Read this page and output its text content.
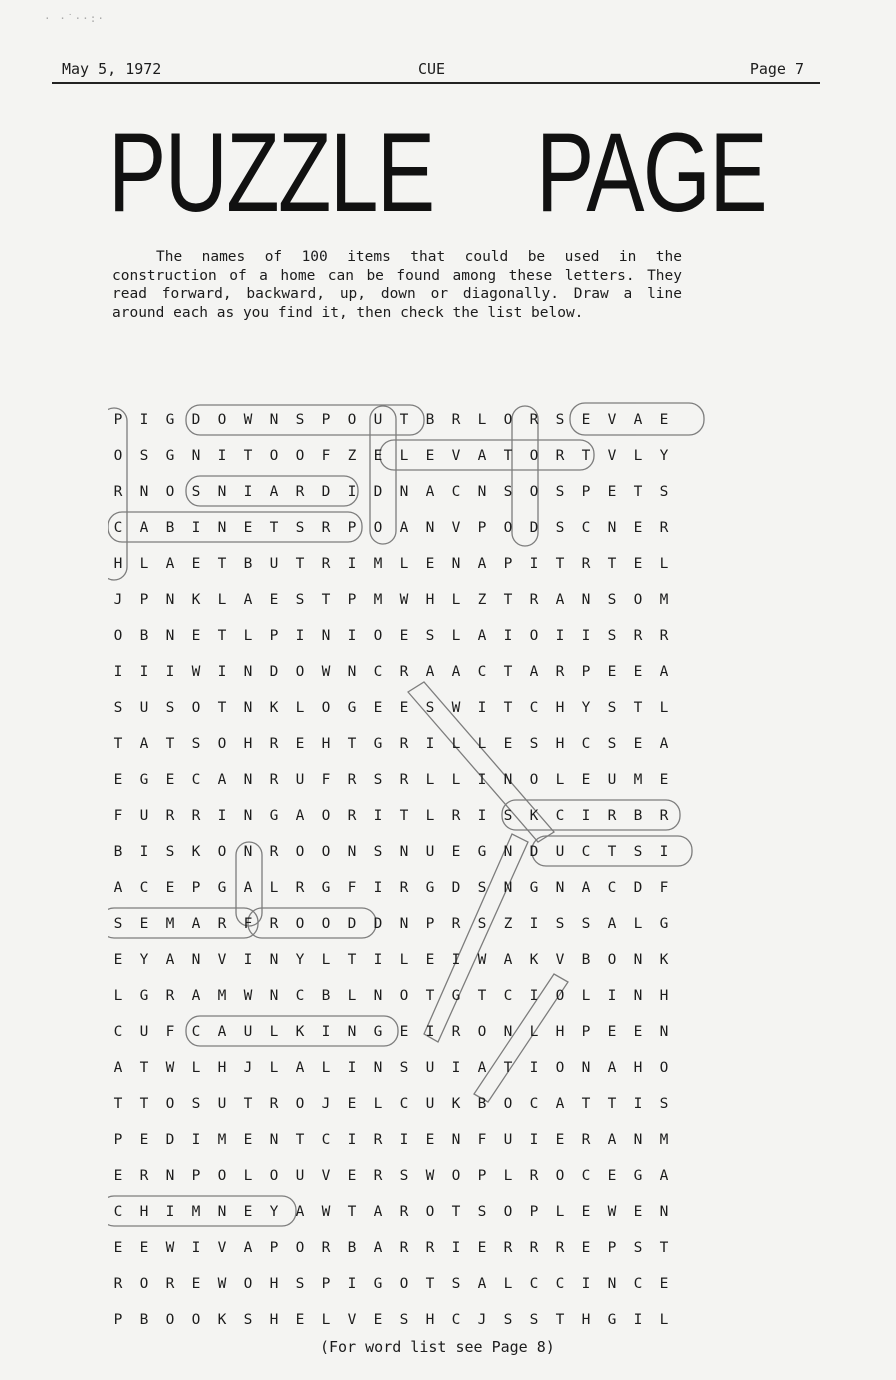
· ·˙··:·
May 5, 1972	CUE	Page 7
PUZZLE PAGE
The names of 100 items that could be used in the construction of a home can be found among these letters. They read forward, backward, up, down or diagonally. Draw a line around each as you find it, then check the list below.
P	I	G	D	O	W	N	S	P	O	U	T	B	R	L	O	R	S	E	V	A	E
O	S	G	N	I	T	O	O	F	Z	E	L	E	V	A	T	O	R	T	V	L	Y
R	N	O	S	N	I	A	R	D	I	D	N	A	C	N	S	O	S	P	E	T	S
C	A	B	I	N	E	T	S	R	P	O	A	N	V	P	O	D	S	C	N	E	R
H	L	A	E	T	B	U	T	R	I	M	L	E	N	A	P	I	T	R	T	E	L
J	P	N	K	L	A	E	S	T	P	M	W	H	L	Z	T	R	A	N	S	O	M
O	B	N	E	T	L	P	I	N	I	O	E	S	L	A	I	O	I	I	S	R	R
I	I	I	W	I	N	D	O	W	N	C	R	A	A	C	T	A	R	P	E	E	A
S	U	S	O	T	N	K	L	O	G	E	E	S	W	I	T	C	H	Y	S	T	L
T	A	T	S	O	H	R	E	H	T	G	R	I	L	L	E	S	H	C	S	E	A
E	G	E	C	A	N	R	U	F	R	S	R	L	L	I	N	O	L	E	U	M	E
F	U	R	R	I	N	G	A	O	R	I	T	L	R	I	S	K	C	I	R	B	R
B	I	S	K	O	N	R	O	O	N	S	N	U	E	G	N	D	U	C	T	S	I
A	C	E	P	G	A	L	R	G	F	I	R	G	D	S	N	G	N	A	C	D	F
S	E	M	A	R	F	R	O	O	D	D	N	P	R	S	Z	I	S	S	A	L	G
E	Y	A	N	V	I	N	Y	L	T	I	L	E	I	W	A	K	V	B	O	N	K
L	G	R	A	M	W	N	C	B	L	N	O	T	G	T	C	I	O	L	I	N	H
C	U	F	C	A	U	L	K	I	N	G	E	I	R	O	N	L	H	P	E	E	N
A	T	W	L	H	J	L	A	L	I	N	S	U	I	A	T	I	O	N	A	H	O
T	T	O	S	U	T	R	O	J	E	L	C	U	K	B	O	C	A	T	T	I	S
P	E	D	I	M	E	N	T	C	I	R	I	E	N	F	U	I	E	R	A	N	M
E	R	N	P	O	L	O	U	V	E	R	S	W	O	P	L	R	O	C	E	G	A
C	H	I	M	N	E	Y	A	W	T	A	R	O	T	S	O	P	L	E	W	E	N
E	E	W	I	V	A	P	O	R	B	A	R	R	I	E	R	R	R	E	P	S	T
R	O	R	E	W	O	H	S	P	I	G	O	T	S	A	L	C	C	I	N	C	E
P	B	O	O	K	S	H	E	L	V	E	S	H	C	J	S	S	T	H	G	I	L
(For word list see Page 8)
